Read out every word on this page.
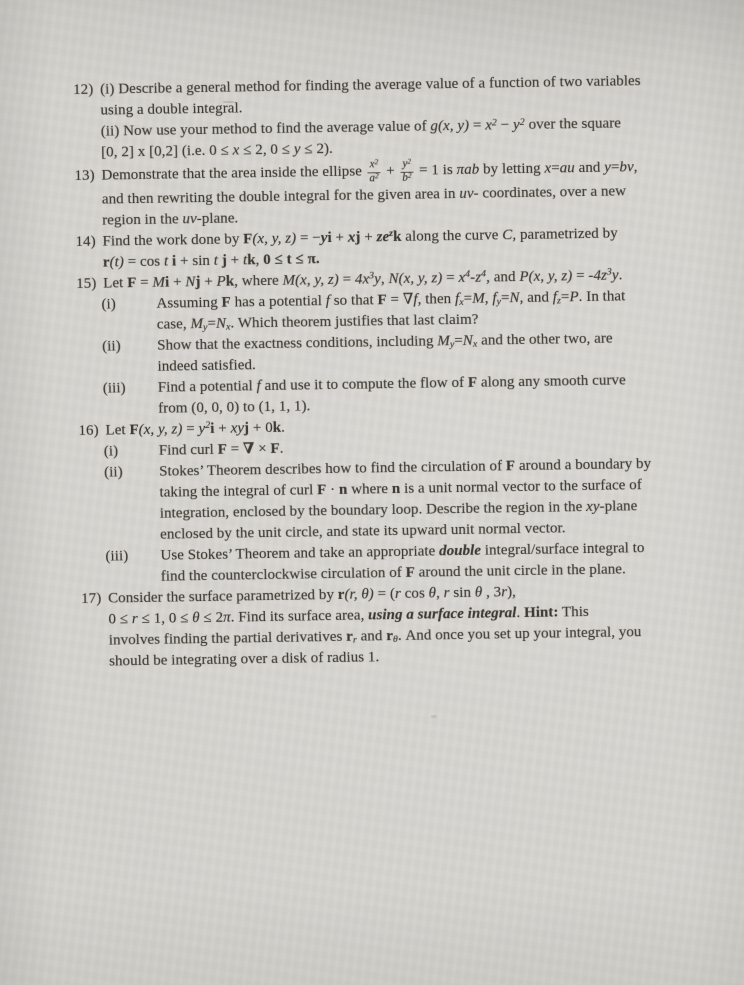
12) (i) Describe a general method for finding the average value of a function of two variables
using a double integral.
(ii) Now use your method to find the average value of g(x, $y) = x^2 - y^2$ over the square
[0, 2] x [0,2] (i.e. 0 ≤ x ≤ 2, 0 ≤ y ≤ 2).
13) Demonstrate that the area inside the ellipse $\frac{x^2}{a^2} + \frac{y^2}{b^2} = 1$ is πab by letting x=au and y=bv,
and then rewriting the double integral for the given area in uv- coordinates, over a new
region in the uv-plane.
14) Find the work done by F(x, y, z) = −yi + xj + $ze^zk$ along the curve C, parametrized by
r(t) = cos t i + sin t j + tk, 0 ≤ t ≤ π.
15) Let F = Mi + Nj + Pk, where M(x, y, $z) = 4x^3y$, N(x, y, $z) = x^4-z^4$, and P(x, y, $z) = -4z^3y$.
(i)	Assuming F has a potential f so that F = ∇f, then $f_x=M$, $f_y=N$, and $f_z=P$. In that
case, $M_y=N_x$. Which theorem justifies that last claim?
(ii) Show that the exactness conditions, including $M_y=N_x$ and the other two, are
indeed satisfied.
(iii) Find a potential f and use it to compute the flow of F along any smooth curve
from (0, 0, 0) to (1, 1, 1).
16) Let F(x, y, $z) = y^2i$ + xyj + 0k.
(i)	Find curl F = ∇ × F.
(ii) Stokes’ Theorem describes how to find the circulation of F around a boundary by
taking the integral of curl F · n where n is a unit normal vector to the surface of
integration, enclosed by the boundary loop. Describe the region in the xy-plane
enclosed by the unit circle, and state its upward unit normal vector.
(iii) Use Stokes’ Theorem and take an appropriate double integral/surface integral to
find the counterclockwise circulation of F around the unit circle in the plane.
17) Consider the surface parametrized by r(r, θ) = (r cos θ, r sin θ , 3r),
0 ≤ r ≤ 1, 0 ≤ θ ≤ 2π. Find its surface area, using a surface integral. Hint: This
involves finding the partial derivatives $r_r$ and $r_\theta$. And once you set up your integral, you
should be integrating over a disk of radius 1.
